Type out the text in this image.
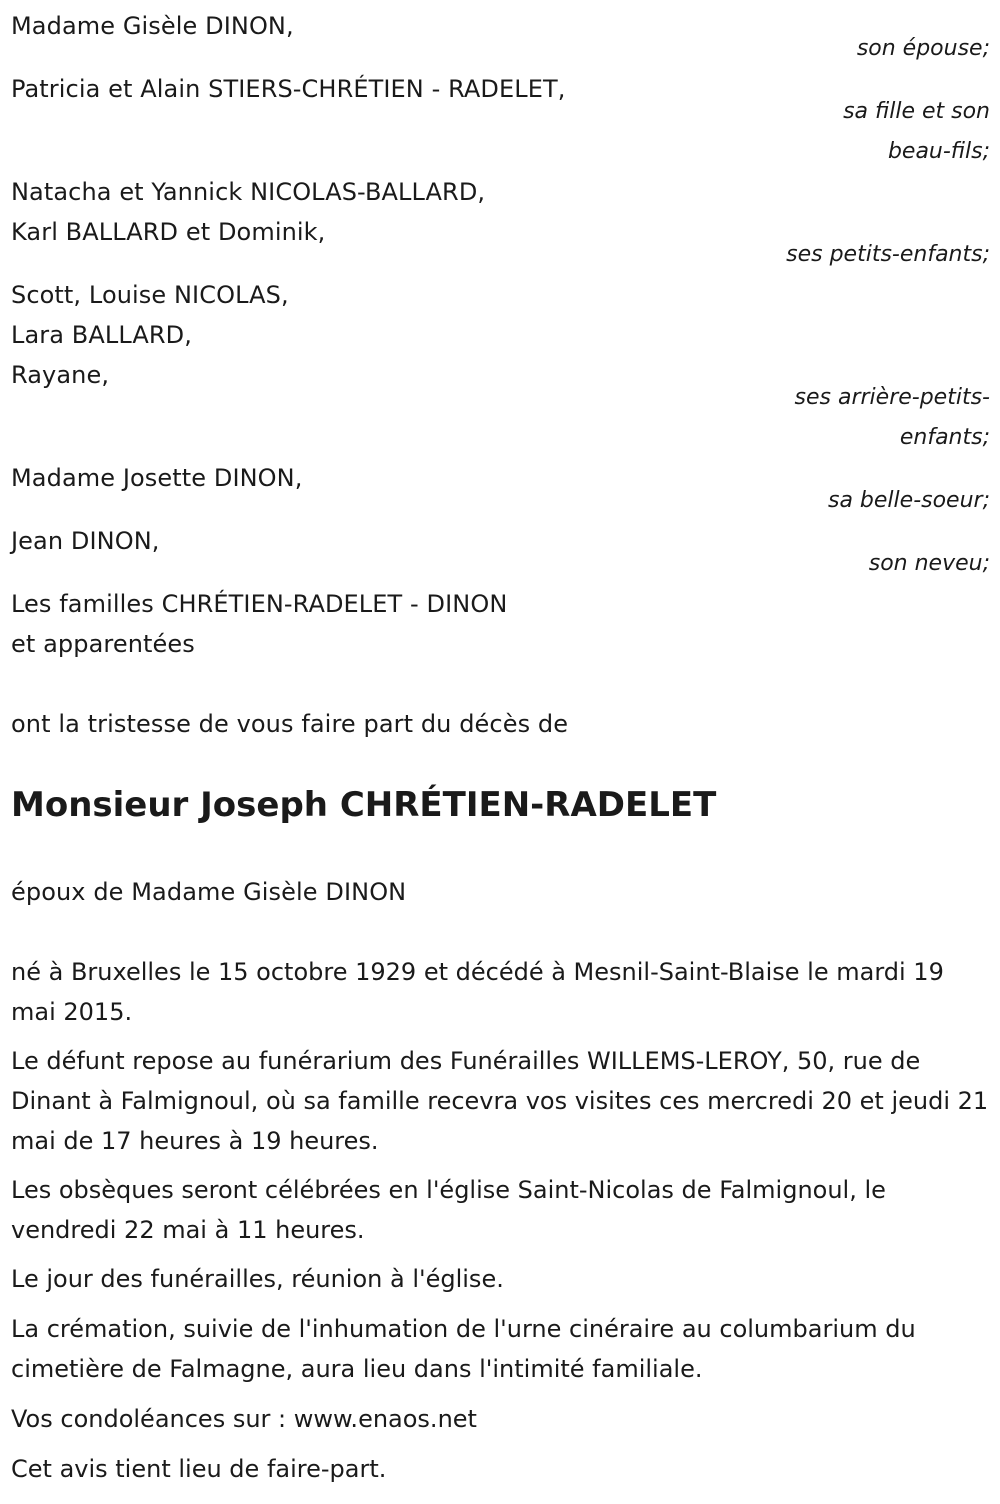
Madame Gisèle DINON,
son épouse;
Patricia et Alain STIERS-CHRÉTIEN - RADELET,
sa fille et son
beau-fils;
Natacha et Yannick NICOLAS-BALLARD,
Karl BALLARD et Dominik,
ses petits-enfants;
Scott, Louise NICOLAS,
Lara BALLARD,
Rayane,
ses arrière-petits-
enfants;
Madame Josette DINON,
sa belle-soeur;
Jean DINON,
son neveu;
Les familles CHRÉTIEN-RADELET - DINON
et apparentées
ont la tristesse de vous faire part du décès de
Monsieur Joseph CHRÉTIEN-RADELET
époux de Madame Gisèle DINON
né à Bruxelles le 15 octobre 1929 et décédé à Mesnil-Saint-Blaise le mardi 19 mai 2015.
Le défunt repose au funérarium des Funérailles WILLEMS-LEROY, 50, rue de Dinant à Falmignoul, où sa famille recevra vos visites ces mercredi 20 et jeudi 21 mai de 17 heures à 19 heures.
Les obsèques seront célébrées en l'église Saint-Nicolas de Falmignoul, le vendredi 22 mai à 11 heures.
Le jour des funérailles, réunion à l'église.
La crémation, suivie de l'inhumation de l'urne cinéraire au columbarium du cimetière de Falmagne, aura lieu dans l'intimité familiale.
Vos condoléances sur : www.enaos.net
Cet avis tient lieu de faire-part.
